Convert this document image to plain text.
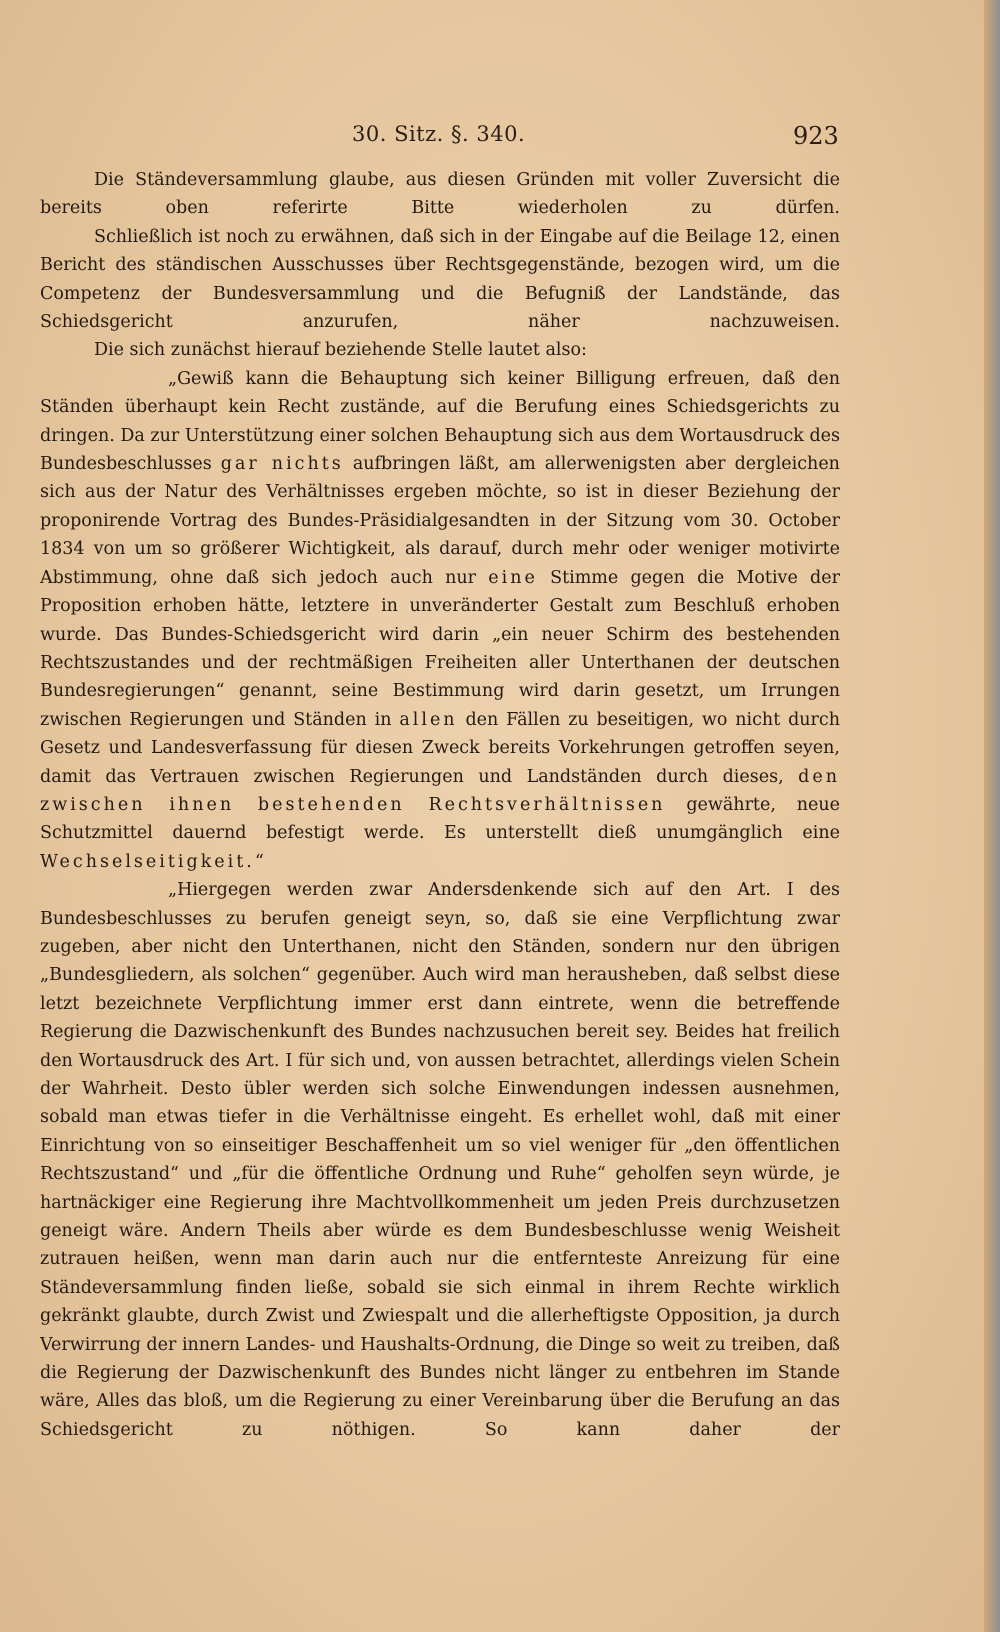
30. Sitz. §. 340.	923

Die Ständeversammlung glaube, aus diesen Gründen mit voller Zuversicht die bereits oben referirte Bitte wiederholen zu dürfen.

Schließlich ist noch zu erwähnen, daß sich in der Eingabe auf die Beilage 12, einen Bericht des ständischen Ausschusses über Rechtsgegenstände, bezogen wird, um die Competenz der Bundesversammlung und die Befugniß der Landstände, das Schiedsgericht anzurufen, näher nachzuweisen.

Die sich zunächst hierauf beziehende Stelle lautet also:

„Gewiß kann die Behauptung sich keiner Billigung erfreuen, daß den Ständen überhaupt kein Recht zustände, auf die Berufung eines Schiedsgerichts zu dringen. Da zur Unterstützung einer solchen Behauptung sich aus dem Wortausdruck des Bundesbeschlusses gar nichts aufbringen läßt, am allerwenigsten aber dergleichen sich aus der Natur des Verhältnisses ergeben möchte, so ist in dieser Beziehung der proponirende Vortrag des Bundes-Präsidialgesandten in der Sitzung vom 30. October 1834 von um so größerer Wichtigkeit, als darauf, durch mehr oder weniger motivirte Abstimmung, ohne daß sich jedoch auch nur eine Stimme gegen die Motive der Proposition erhoben hätte, letztere in unveränderter Gestalt zum Beschluß erhoben wurde. Das Bundes-Schiedsgericht wird darin „ein neuer Schirm des bestehenden Rechtszustandes und der rechtmäßigen Freiheiten aller Unterthanen der deutschen Bundesregierungen“ genannt, seine Bestimmung wird darin gesetzt, um Irrungen zwischen Regierungen und Ständen in allen den Fällen zu beseitigen, wo nicht durch Gesetz und Landesverfassung für diesen Zweck bereits Vorkehrungen getroffen seyen, damit das Vertrauen zwischen Regierungen und Landständen durch dieses, den zwischen ihnen bestehenden Rechtsverhältnissen gewährte, neue Schutzmittel dauernd befestigt werde. Es unterstellt dieß unumgänglich eine Wechselseitigkeit.“

„Hiergegen werden zwar Andersdenkende sich auf den Art. I des Bundesbeschlusses zu berufen geneigt seyn, so, daß sie eine Verpflichtung zwar zugeben, aber nicht den Unterthanen, nicht den Ständen, sondern nur den übrigen „Bundesgliedern, als solchen“ gegenüber. Auch wird man herausheben, daß selbst diese letzt bezeichnete Verpflichtung immer erst dann eintrete, wenn die betreffende Regierung die Dazwischenkunft des Bundes nachzusuchen bereit sey. Beides hat freilich den Wortausdruck des Art. I für sich und, von aussen betrachtet, allerdings vielen Schein der Wahrheit. Desto übler werden sich solche Einwendungen indessen ausnehmen, sobald man etwas tiefer in die Verhältnisse eingeht. Es erhellet wohl, daß mit einer Einrichtung von so einseitiger Beschaffenheit um so viel weniger für „den öffentlichen Rechtszustand“ und „für die öffentliche Ordnung und Ruhe“ geholfen seyn würde, je hartnäckiger eine Regierung ihre Machtvollkommenheit um jeden Preis durchzusetzen geneigt wäre. Andern Theils aber würde es dem Bundesbeschlusse wenig Weisheit zutrauen heißen, wenn man darin auch nur die entfernteste Anreizung für eine Ständeversammlung finden ließe, sobald sie sich einmal in ihrem Rechte wirklich gekränkt glaubte, durch Zwist und Zwiespalt und die allerheftigste Opposition, ja durch Verwirrung der innern Landes- und Haushalts-Ordnung, die Dinge so weit zu treiben, daß die Regierung der Dazwischenkunft des Bundes nicht länger zu entbehren im Stande wäre, Alles das bloß, um die Regierung zu einer Vereinbarung über die Berufung an das Schiedsgericht zu nöthigen. So kann daher der
